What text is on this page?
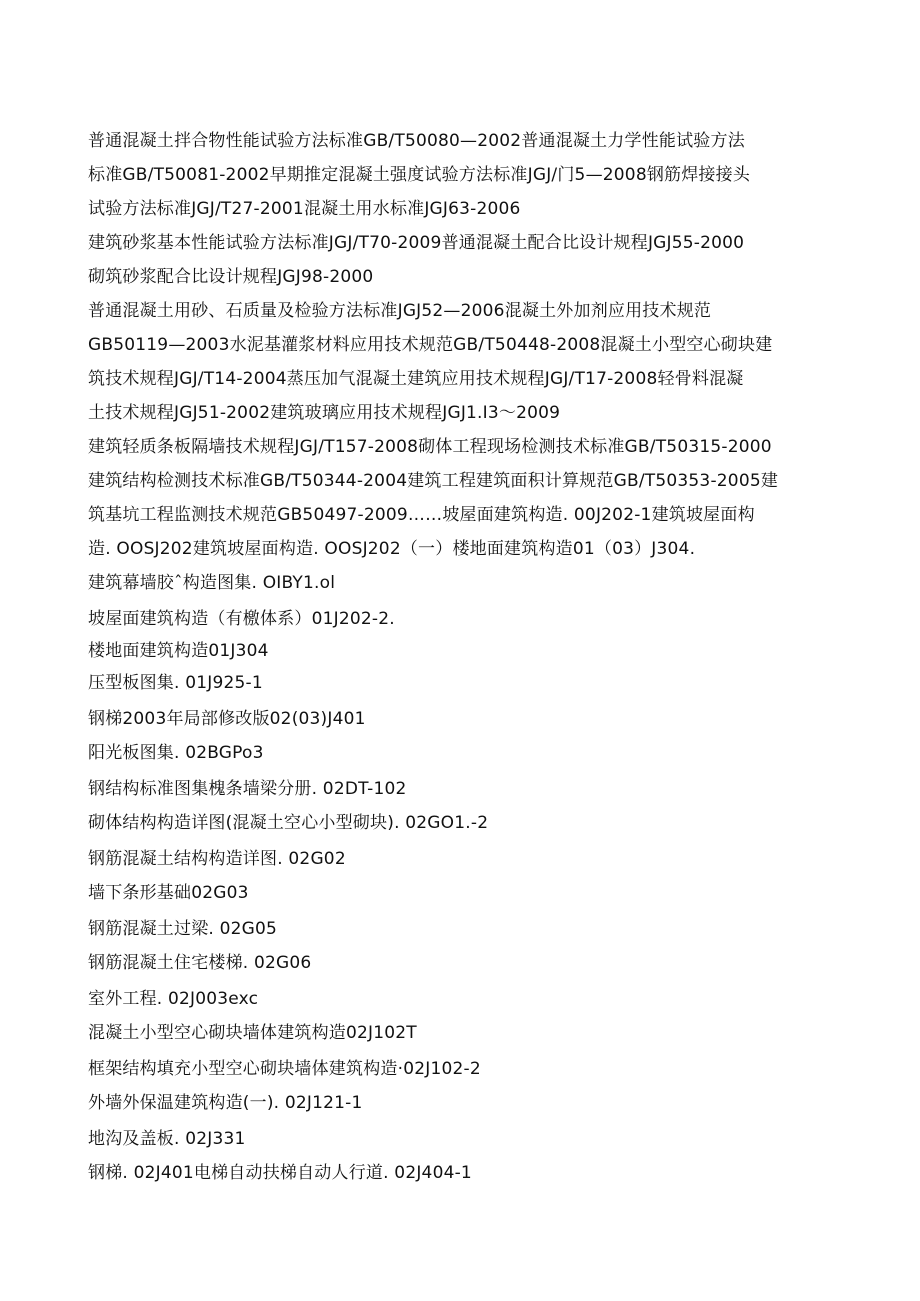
普通混凝土拌合物性能试验方法标准GB/T50080—2002普通混凝土力学性能试验方法
标准GB/T50081-2002早期推定混凝土强度试验方法标准JGJ/门5—2008钢筋焊接接头
试验方法标准JGJ/T27-2001混凝土用水标准JGJ63-2006
建筑砂浆基本性能试验方法标准JGJ/T70-2009普通混凝土配合比设计规程JGJ55-2000
砌筑砂浆配合比设计规程JGJ98-2000
普通混凝土用砂、石质量及检验方法标准JGJ52—2006混凝土外加剂应用技术规范
GB50119—2003水泥基灌浆材料应用技术规范GB/T50448-2008混凝土小型空心砌块建
筑技术规程JGJ/T14-2004蒸压加气混凝土建筑应用技术规程JGJ/T17-2008轻骨料混凝
土技术规程JGJ51-2002建筑玻璃应用技术规程JGJ1.I3～2009
建筑轻质条板隔墙技术规程JGJ/T157-2008砌体工程现场检测技术标准GB/T50315-2000
建筑结构检测技术标准GB/T50344-2004建筑工程建筑面积计算规范GB/T50353-2005建
筑基坑工程监测技术规范GB50497-2009……坡屋面建筑构造. 00J202-1建筑坡屋面构
造. OOSJ202建筑坡屋面构造. OOSJ202（一）楼地面建筑构造01（03）J304.
建筑幕墙胶ˆ构造图集. OIBY1.ol
坡屋面建筑构造（有檄体系）01J202-2.
楼地面建筑构造01J304
压型板图集. 01J925-1
钢梯2003年局部修改版02(03)J401
阳光板图集. 02BGPo3
钢结构标准图集槐条墙梁分册. 02DT-102
砌体结构构造详图(混凝土空心小型砌块). 02GO1.-2
钢筋混凝土结构构造详图. 02G02
墙下条形基础02G03
钢筋混凝土过梁. 02G05
钢筋混凝土住宅楼梯. 02G06
室外工程. 02J003exc
混凝土小型空心砌块墙体建筑构造02J102T
框架结构填充小型空心砌块墙体建筑构造·02J102-2
外墙外保温建筑构造(一). 02J121-1
地沟及盖板. 02J331
钢梯. 02J401电梯自动扶梯自动人行道. 02J404-1
